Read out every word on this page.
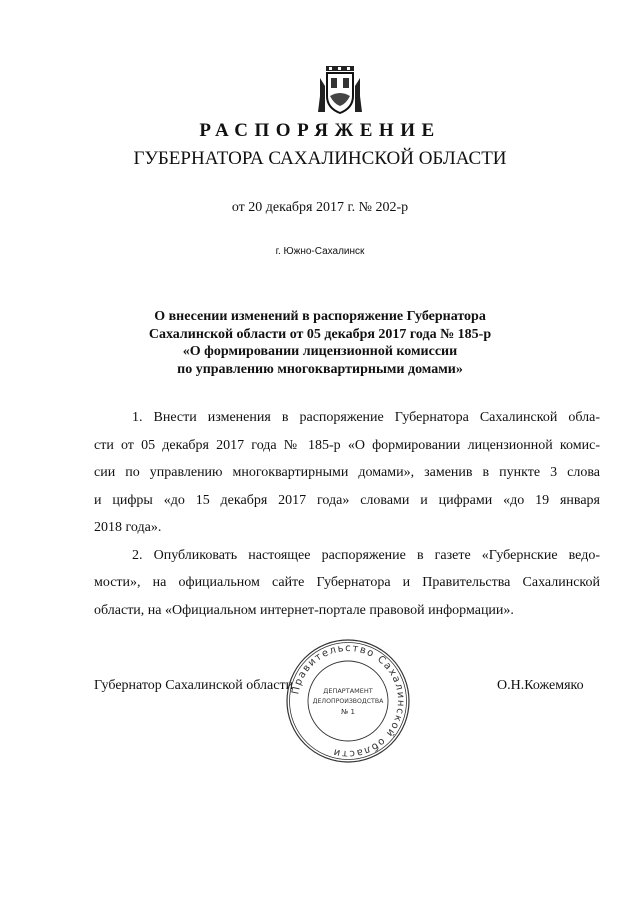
РАСПОРЯЖЕНИЕ
ГУБЕРНАТОРА САХАЛИНСКОЙ ОБЛАСТИ
от 20 декабря 2017 г. № 202-р
г. Южно-Сахалинск
О внесении изменений в распоряжение Губернатора
Сахалинской области от 05 декабря 2017 года № 185-р
«О формировании лицензионной комиссии
по управлению многоквартирными домами»
1. Внести изменения в распоряжение Губернатора Сахалинской обла-
сти от 05 декабря 2017 года № 185-р «О формировании лицензионной комис-
сии по управлению многоквартирными домами», заменив в пункте 3 слова
и цифры «до 15 декабря 2017 года» словами и цифрами «до 19 января
2018 года».
2. Опубликовать настоящее распоряжение в газете «Губернские ведо-
мости», на официальном сайте Губернатора и Правительства Сахалинской
области, на «Официальном интернет-портале правовой информации».
Губернатор Сахалинской области	О.Н.Кожемяко
Правительство Сахалинской области
ДЕПАРТАМЕНТ
ДЕЛОПРОИЗВОДСТВА
№ 1
